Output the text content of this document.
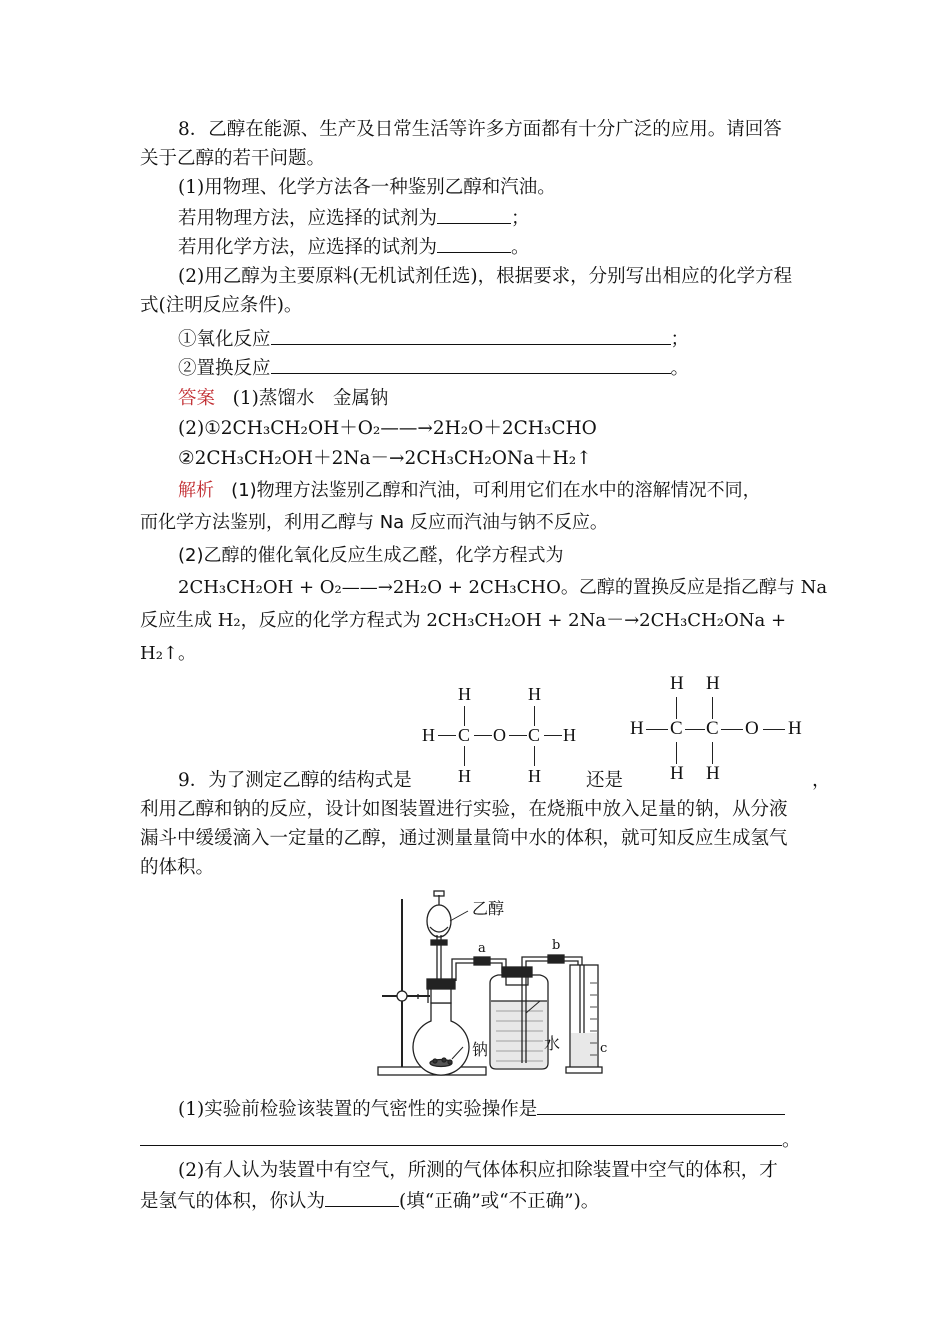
8．乙醇在能源、生产及日常生活等许多方面都有十分广泛的应用。请回答
关于乙醇的若干问题。
(1)用物理、化学方法各一种鉴别乙醇和汽油。
若用物理方法，应选择的试剂为	；
若用化学方法，应选择的试剂为	。
(2)用乙醇为主要原料(无机试剂任选)，根据要求，分别写出相应的化学方程
式(注明反应条件)。
①氧化反应	；
②置换反应	。
答案 (1)蒸馏水　金属钠
(2)①2CH₃CH₂OH＋O₂——→2H₂O＋2CH₃CHO
②2CH₃CH₂OH＋2Na－→2CH₃CH₂ONa＋H₂↑
解析 (1)物理方法鉴别乙醇和汽油，可利用它们在水中的溶解情况不同，
而化学方法鉴别，利用乙醇与 Na 反应而汽油与钠不反应。
(2)乙醇的催化氧化反应生成乙醛，化学方程式为
2CH₃CH₂OH + O₂——→2H₂O + 2CH₃CHO。乙醇的置换反应是指乙醇与 Na
反应生成 H₂，反应的化学方程式为 2CH₃CH₂OH + 2Na－→2CH₃CH₂ONa +
H₂↑。
H	H
H C O C H
H	H
H H
H C C O H
H H
9．为了测定乙醇的结构式是	还是	，
利用乙醇和钠的反应，设计如图装置进行实验，在烧瓶中放入足量的钠，从分液
漏斗中缓缓滴入一定量的乙醇，通过测量量筒中水的体积，就可知反应生成氢气
的体积。
乙醇
a	b
钠	水	c
(1)实验前检验该装置的气密性的实验操作是
。
(2)有人认为装置中有空气，所测的气体体积应扣除装置中空气的体积，才
是氢气的体积，你认为	(填“正确”或“不正确”)。
